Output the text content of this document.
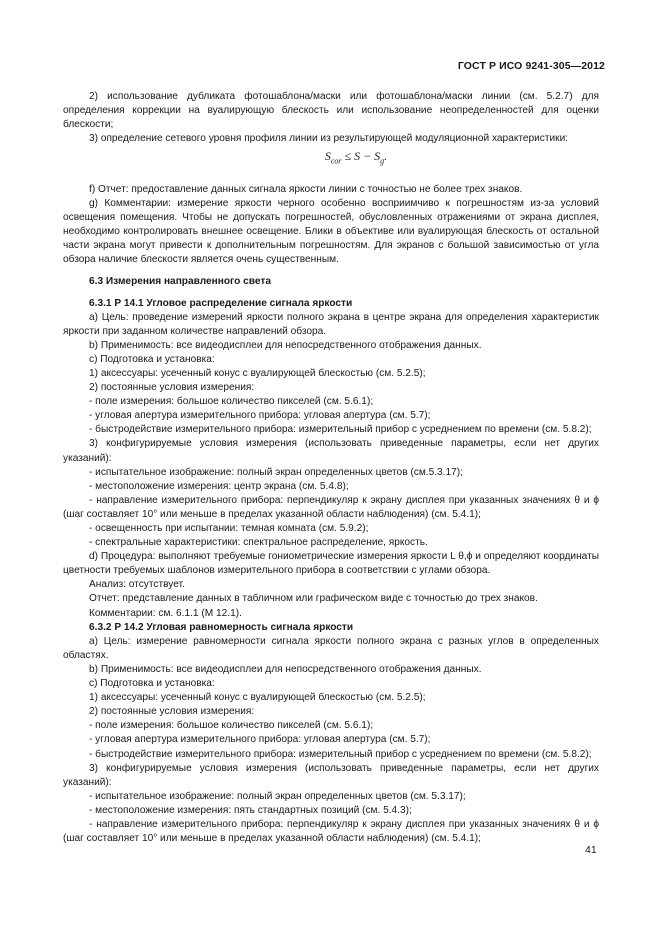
ГОСТ Р ИСО 9241-305—2012

2) использование дубликата фотошаблона/маски или фотошаблона/маски линии (см. 5.2.7) для определения коррекции на вуалирующую блескость или использование неопределенностей для оценки блескости;

3) определение сетевого уровня профиля линии из результирующей модуляционной характеристики:

$S_{cor} \le S - S_g$.

f) Отчет: предоставление данных сигнала яркости линии с точностью не более трех знаков.

g) Комментарии: измерение яркости черного особенно восприимчиво к погрешностям из-за условий освещения помещения. Чтобы не допускать погрешностей, обусловленных отражениями от экрана дисплея, необходимо контролировать внешнее освещение. Блики в объективе или вуалирующая блескость от остальной части экрана могут привести к дополнительным погрешностям. Для экранов с большой зависимостью от угла обзора наличие блескости является очень существенным.

6.3 Измерения направленного света

6.3.1 Р 14.1 Угловое распределение сигнала яркости

а) Цель: проведение измерений яркости полного экрана в центре экрана для определения характеристик яркости при заданном количестве направлений обзора.

b) Применимость: все видеодисплеи для непосредственного отображения данных.

c) Подготовка и установка:

1) аксессуары: усеченный конус с вуалирующей блескостью (см. 5.2.5);

2) постоянные условия измерения:

- поле измерения: большое количество пикселей (см. 5.6.1);

- угловая апертура измерительного прибора: угловая апертура (см. 5.7);

- быстродействие измерительного прибора: измерительный прибор с усреднением по времени (см. 5.8.2);

3) конфигурируемые условия измерения (использовать приведенные параметры, если нет других указаний):

- испытательное изображение: полный экран определенных цветов (см.5.3.17);

- местоположение измерения: центр экрана (см. 5.4.8);

- направление измерительного прибора: перпендикуляр к экрану дисплея при указанных значениях θ и ϕ (шаг составляет 10° или меньше в пределах указанной области наблюдения) (см. 5.4.1);

- освещенность при испытании: темная комната (см. 5.9.2);

- спектральные характеристики: спектральное распределение, яркость.

d) Процедура: выполняют требуемые гониометрические измерения яркости L θ,ϕ и определяют координаты цветности требуемых шаблонов измерительного прибора в соответствии с углами обзора.

Анализ: отсутствует.

Отчет: представление данных в табличном или графическом виде с точностью до трех знаков.

Комментарии: см. 6.1.1 (М 12.1).

6.3.2 Р 14.2 Угловая равномерность сигнала яркости

а) Цель: измерение равномерности сигнала яркости полного экрана с разных углов в определенных областях.

b) Применимость: все видеодисплеи для непосредственного отображения данных.

c) Подготовка и установка:

1) аксессуары: усеченный конус с вуалирующей блескостью (см. 5.2.5);

2) постоянные условия измерения:

- поле измерения: большое количество пикселей (см. 5.6.1);

- угловая апертура измерительного прибора: угловая апертура (см. 5.7);

- быстродействие измерительного прибора: измерительный прибор с усреднением по времени (см. 5.8.2);

3) конфигурируемые условия измерения (использовать приведенные параметры, если нет других указаний):

- испытательное изображение: полный экран определенных цветов (см. 5.3.17);

- местоположение измерения: пять стандартных позиций (см. 5.4.3);

- направление измерительного прибора: перпендикуляр к экрану дисплея при указанных значениях θ и ϕ (шаг составляет 10° или меньше в пределах указанной области наблюдения) (см. 5.4.1);

41
